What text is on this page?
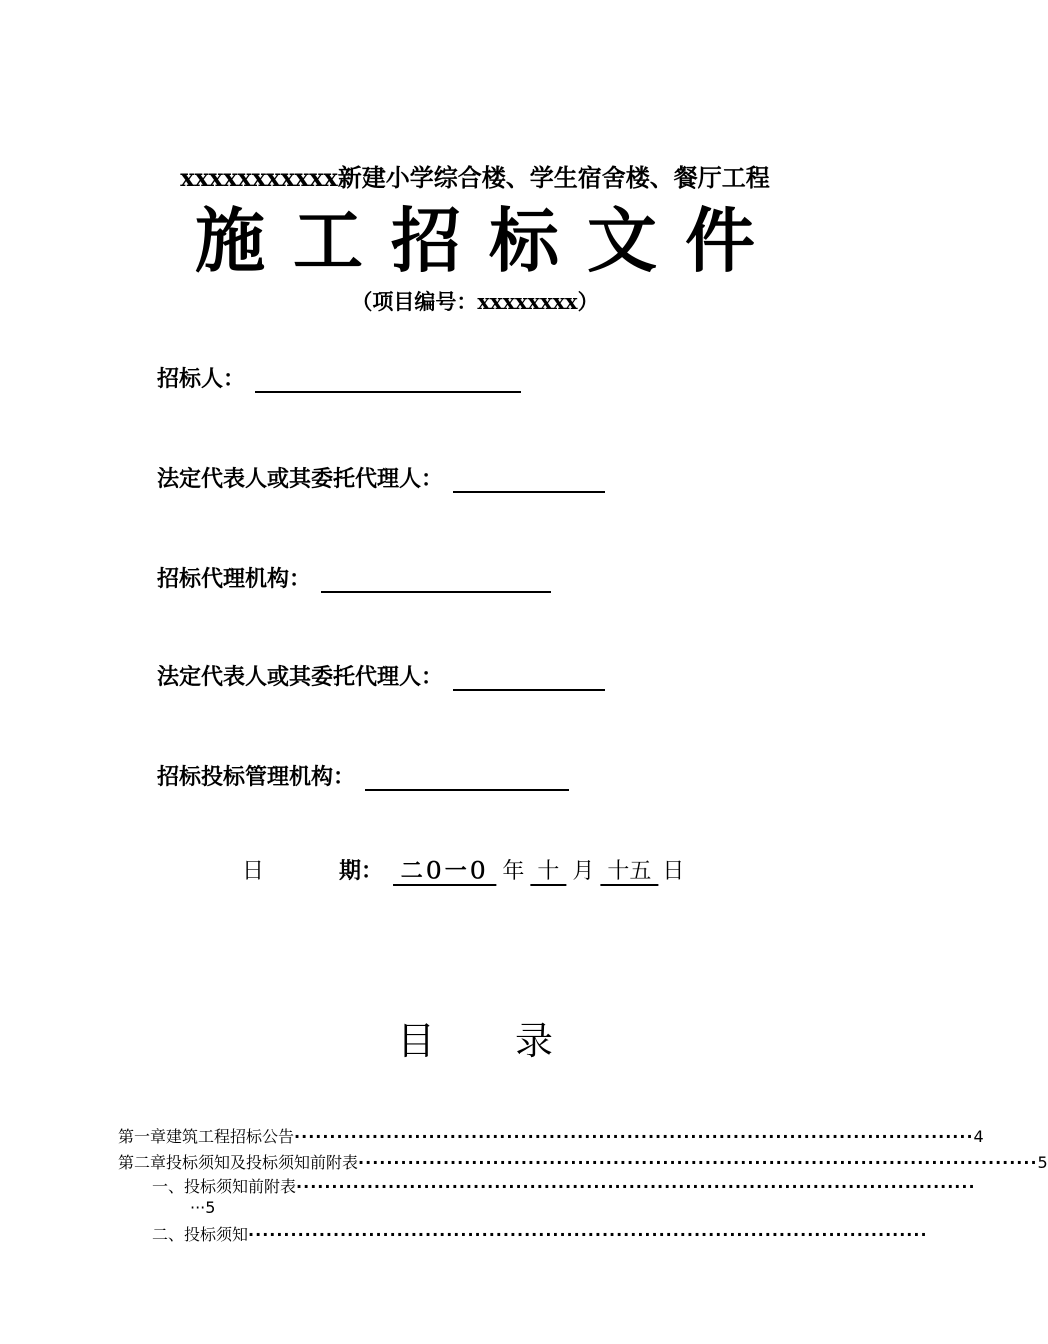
xxxxxxxxxxx新建小学综合楼、学生宿舍楼、餐厅工程
施工招标文件
（项目编号：xxxxxxxx）
招标人：
法定代表人或其委托代理人：
招标代理机构：
法定代表人或其委托代理人：
招标投标管理机构：
日	期： 二０一０ 年 十 月 十五 日
目录
第一章 建筑工程招标公告 ································································································ 4
第二章 投标须知及投标须知前附表 ································································································ 5
一、 投标须知前附表 ································································································
···5
二、 投标须知 ································································································
